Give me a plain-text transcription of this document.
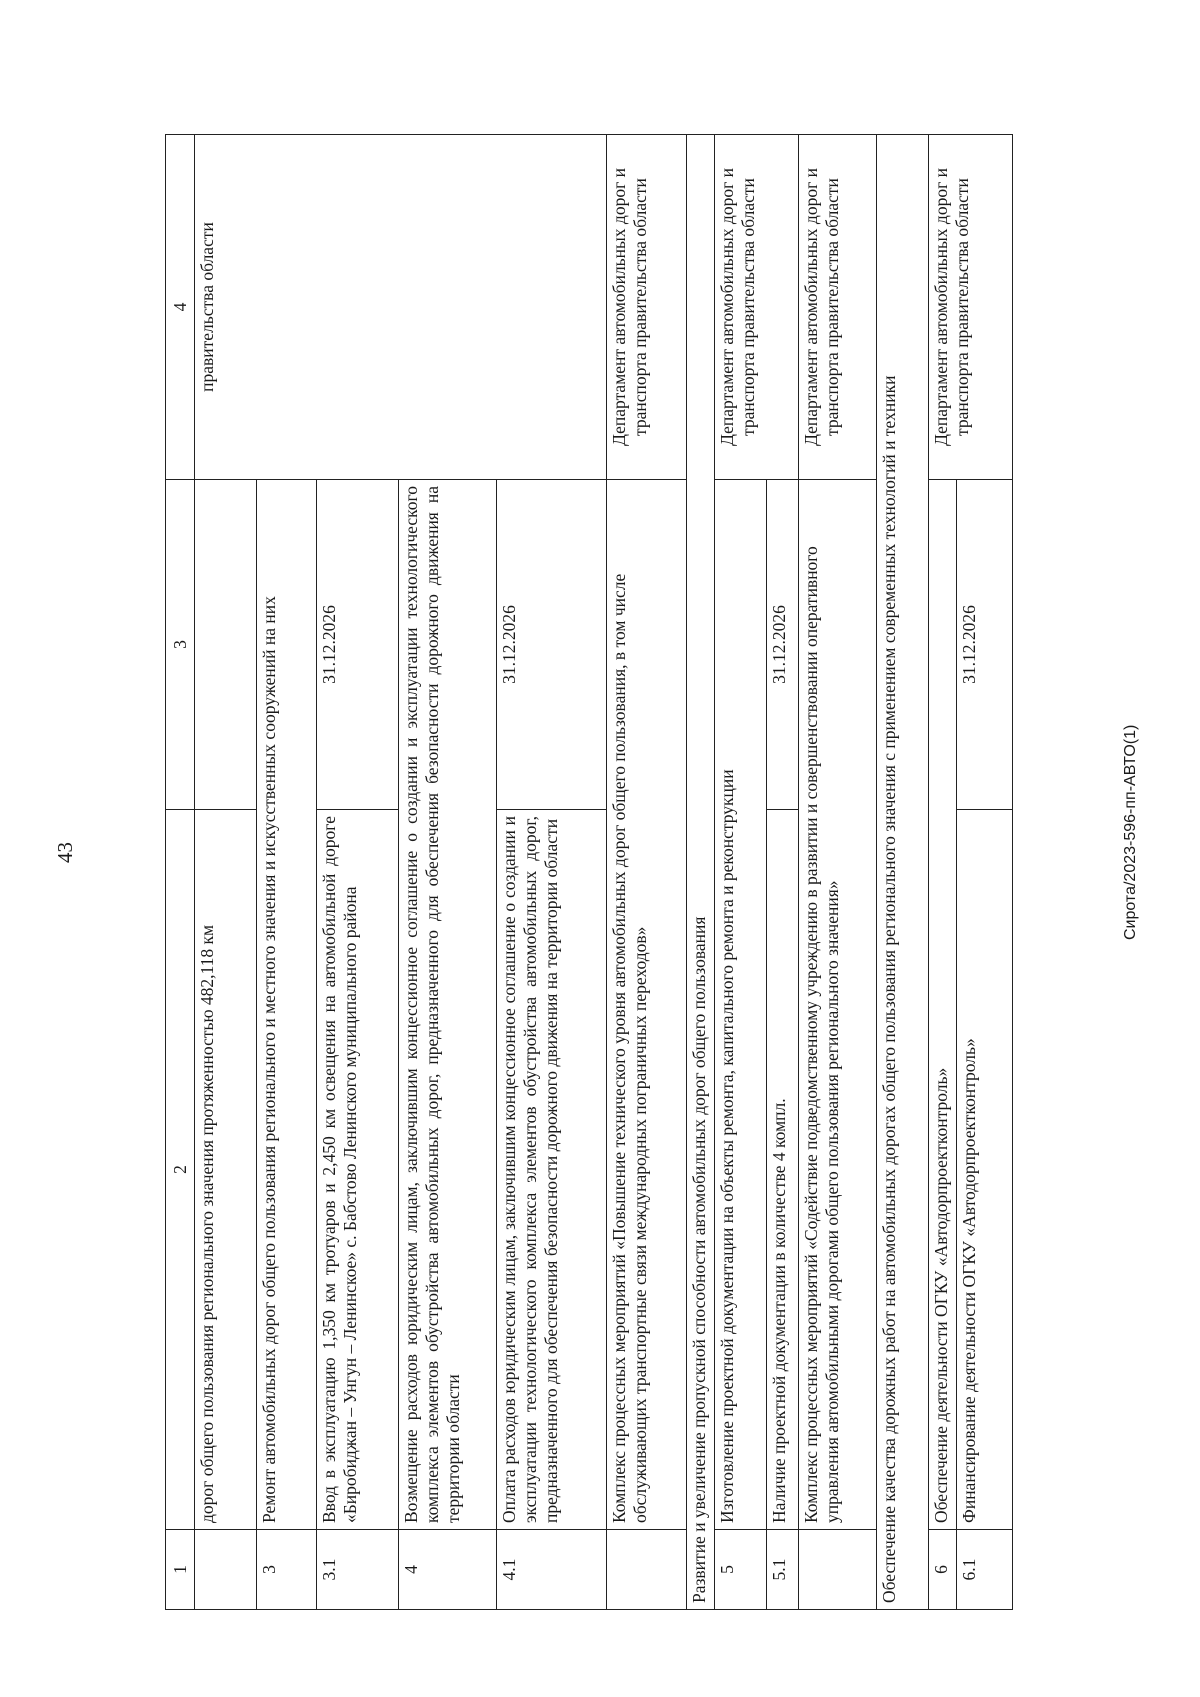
43	Сирота/2023-596-пп-АВТО(1)
1	2	3	4
	дорог общего пользования регионального значения протяженностью 482,118 км		правительства области
3	Ремонт автомобильных дорог общего пользования регионального и местного значения и искусственных сооружений на них		
3.1	Ввод в эксплуатацию 1,350 км тротуаров и 2,450 км освещения на автомобильной дороге «Биробиджан – Унгун – Ленинское» с. Бабстово Ленинского муниципального района	31.12.2026	
4	Возмещение расходов юридическим лицам, заключившим концессионное соглашение о создании и эксплуатации технологического комплекса элементов обустройства автомобильных дорог, предназначенного для обеспечения безопасности дорожного движения на территории области		
4.1	Оплата расходов юридическим лицам, заключившим концессионное соглашение о создании и эксплуатации технологического комплекса элементов обустройства автомобильных дорог, предназначенного для обеспечения безопасности дорожного движения на территории области	31.12.2026	

	Комплекс процессных мероприятий «Повышение технического уровня автомобильных дорог общего пользования, в том числе обслуживающих транспортные связи международных пограничных переходов»		Департамент автомобильных дорог и транспорта правительства области
Развитие и увеличение пропускной способности автомобильных дорог общего пользования			
5	Изготовление проектной документации на объекты ремонта, капитального ремонта и реконструкции		Департамент автомобильных дорог и транспорта правительства области
5.1	Наличие проектной документации в количестве 4 компл.	31.12.2026	
	Комплекс процессных мероприятий «Содействие подведомственному учреждению в развитии и совершенствовании оперативного управления автомобильными дорогами общего пользования регионального значения»		Департамент автомобильных дорог и транспорта правительства области
Обеспечение качества дорожных работ на автомобильных дорогах общего пользования регионального значения с применением современных технологий и техники			
6	Обеспечение деятельности ОГКУ «Автодорпроектконтроль»		Департамент автомобильных дорог и транспорта правительства области
6.1	Финансирование деятельности ОГКУ «Автодорпроектконтроль»	31.12.2026	
